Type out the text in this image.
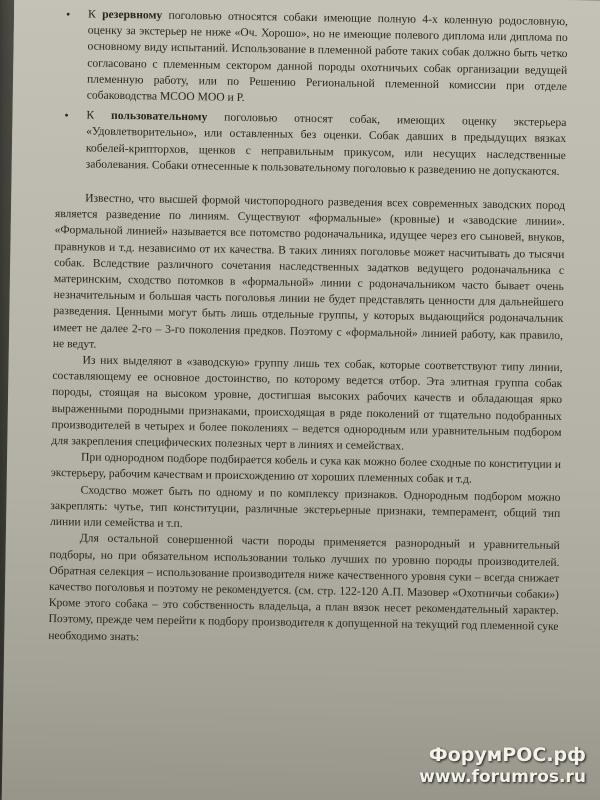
• К резервному поголовью относятся собаки имеющие полную 4-х коленную родословную, оценку за экстерьер не ниже «Оч. Хорошо», но не имеющие полевого диплома или диплома по основному виду испытаний. Использование в племенной работе таких собак должно быть четко согласовано с племенным сектором данной породы охотничьих собак организации ведущей племенную работу, или по Решению Региональной племенной комиссии при отделе собаководства МСОО МОО и Р.
• К пользовательному поголовью относят собак, имеющих оценку экстерьера «Удовлетворительно», или оставленных без оценки. Собак давших в предыдущих вязках кобелей-крипторхов, щенков с неправильным прикусом, или несущих наследственные заболевания. Собаки отнесенные к пользовательному поголовью к разведению не допускаются.

Известно, что высшей формой чистопородного разведения всех современных заводских пород является разведение по линиям. Существуют «формальные» (кровные) и «заводские линии». «Формальной линией» называется все потомство родоначальника, идущее через его сыновей, внуков, правнуков и т.д. независимо от их качества. В таких линиях поголовье может насчитывать до тысячи собак. Вследствие различного сочетания наследственных задатков ведущего родоначальника с материнским, сходство потомков в «формальной» линии с родоначальником часто бывает очень незначительным и большая часть поголовья линии не будет представлять ценности для дальнейшего разведения. Ценными могут быть лишь отдельные группы, у которых выдающийся родоначальник имеет не далее 2-го – 3-го поколения предков. Поэтому с «формальной» линией работу, как правило, не ведут.

Из них выделяют в «заводскую» группу лишь тех собак, которые соответствуют типу линии, составляющему ее основное достоинство, по которому ведется отбор. Эта элитная группа собак породы, стоящая на высоком уровне, достигшая высоких рабочих качеств и обладающая ярко выраженными породными признаками, происходящая в ряде поколений от тщательно подобранных производителей в четырех и более поколениях – ведется однородным или уравнительным подбором для закрепления специфических полезных черт в линиях и семействах.

При однородном подборе подбирается кобель и сука как можно более сходные по конституции и экстерьеру, рабочим качествам и происхождению от хороших племенных собак и т.д.

Сходство может быть по одному и по комплексу признаков. Однородным подбором можно закреплять: чутье, тип конституции, различные экстерьерные признаки, темперамент, общий тип линии или семейства и т.п.

Для остальной совершенной части породы применяется разнородный и уравнительный подборы, но при обязательном использовании только лучших по уровню породы производителей. Обратная селекция – использование производителя ниже качественного уровня суки – всегда снижает качество поголовья и поэтому не рекомендуется. (см. стр. 122-120 А.П. Мазовер «Охотничьи собаки») Кроме этого собака – это собственность владельца, а план вязок несет рекомендательный характер. Поэтому, прежде чем перейти к подбору производителя к допущенной на текущий год племенной суке необходимо знать:

ФорумРОС.рф
www.forumros.ru
